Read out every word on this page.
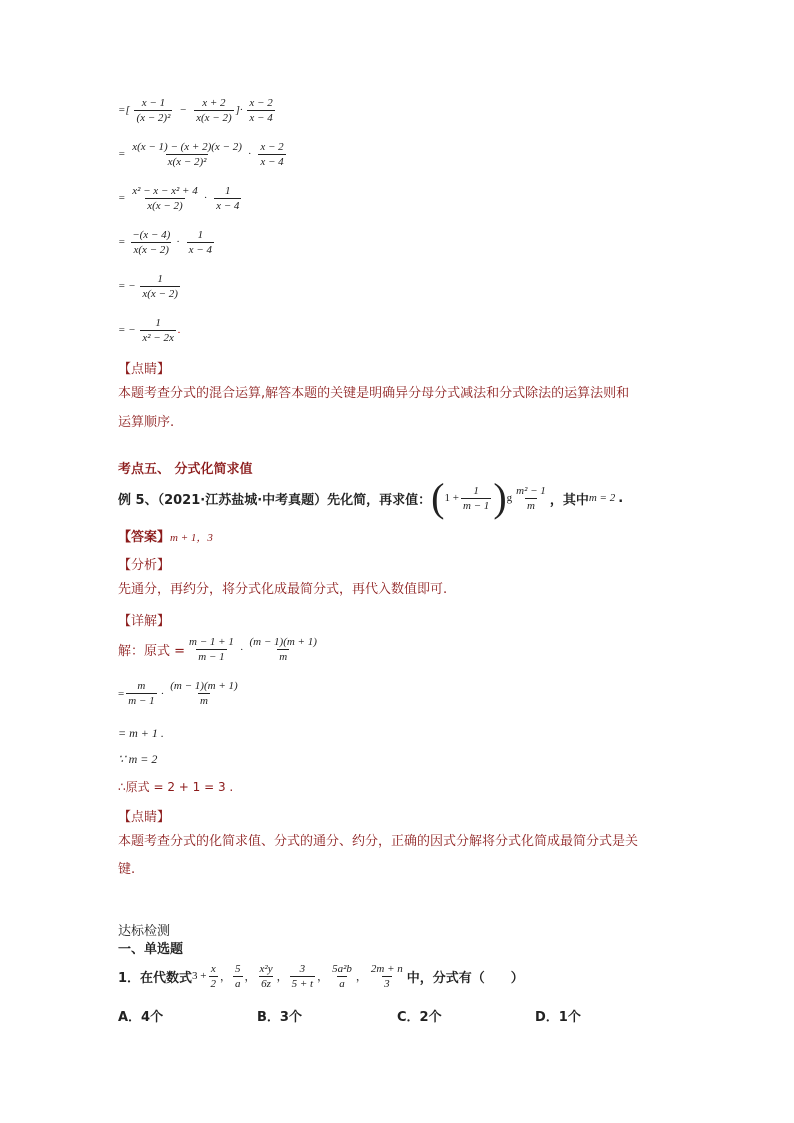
=[ $\frac{x - 1}{\text{(x − 2)²}} - \frac{x + 2}{x(x - 2)}$ ]· $\frac{x - 2}{x - 4}$
= $\frac{x(x - 1) - (x + 2)(x - 2)}{\text{x(x − 2)²}} \cdot \frac{x - 2}{x - 4}$
= $\frac{\text{x² − x − x² + 4}}{x(x - 2)} \cdot \frac{1}{x - 4}$
= $\frac{-(x - 4)}{x(x - 2)} \cdot \frac{1}{x - 4}$
= − $\frac{1}{x(x - 2)}$
= − $\frac{1}{\text{x² − 2x}}$ .
【点睛】
本题考查分式的混合运算,解答本题的关键是明确异分母分式减法和分式除法的运算法则和
运算顺序.
考点五、 分式化简求值
例 5、（2021·江苏盐城·中考真题）先化简，再求值： ( $1 + \frac{1}{m - 1}$ ) g $\frac{\text{m² − 1}}{m}$ ，其中 m = 2 .
【答案】m + 1，3
【分析】
先通分，再约分，将分式化成最简分式，再代入数值即可.
【详解】
解：原式 = $\frac{m - 1 + 1}{m - 1} \cdot \frac{(m - 1)(m + 1)}{m}$
= $\frac{m}{m - 1} \cdot \frac{(m - 1)(m + 1)}{m}$
= m + 1 .
∵ m = 2
∴原式 = 2 + 1 = 3 .
【点睛】
本题考查分式的化简求值、分式的通分、约分，正确的因式分解将分式化简成最简分式是关
键.
达标检测
一、单选题
1．在代数式 $3 + \frac{x}{2}$ ， $\frac{5}{a}$ ， $\frac{\text{x²y}}{6z}$ ， $\frac{3}{5 + t}$ ， $\frac{\text{5a²b}}{a}$ ， $\frac{2m + n}{3}$ 中，分式有（　　）
A．4个	B．3个	C．2个	D．1个
